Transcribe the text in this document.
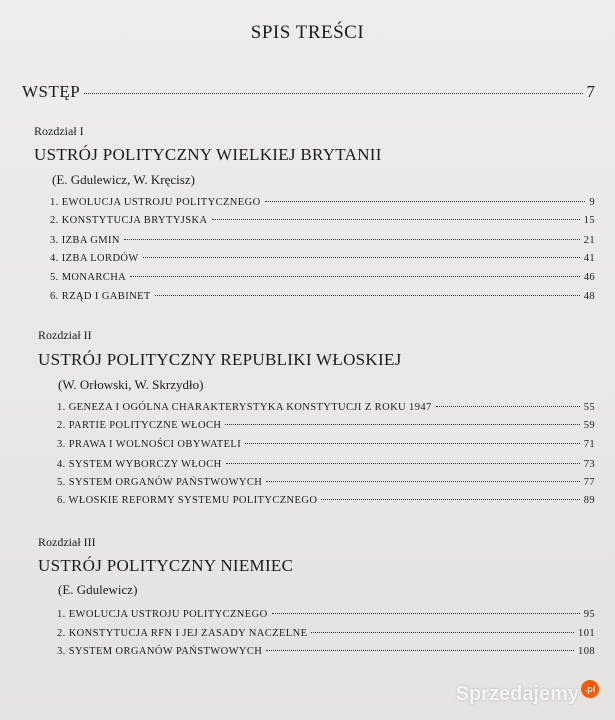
SPIS TREŚCI
WSTĘP	7
Rozdział I
USTRÓJ POLITYCZNY WIELKIEJ BRYTANII
(E. Gdulewicz, W. Kręcisz)
1. EWOLUCJA USTROJU POLITYCZNEGO	9
2. KONSTYTUCJA BRYTYJSKA	15
3. IZBA GMIN	21
4. IZBA LORDÓW	41
5. MONARCHA	46
6. RZĄD I GABINET	48
Rozdział II
USTRÓJ POLITYCZNY REPUBLIKI WŁOSKIEJ
(W. Orłowski, W. Skrzydło)
1. GENEZA I OGÓLNA CHARAKTERYSTYKA KONSTYTUCJI Z ROKU 1947	55
2. PARTIE POLITYCZNE WŁOCH	59
3. PRAWA I WOLNOŚCI OBYWATELI	71
4. SYSTEM WYBORCZY WŁOCH	73
5. SYSTEM ORGANÓW PAŃSTWOWYCH	77
6. WŁOSKIE REFORMY SYSTEMU POLITYCZNEGO	89
Rozdział III
USTRÓJ POLITYCZNY NIEMIEC
(E. Gdulewicz)
1. EWOLUCJA USTROJU POLITYCZNEGO	95
2. KONSTYTUCJA RFN I JEJ ZASADY NACZELNE	101
3. SYSTEM ORGANÓW PAŃSTWOWYCH	108
Sprzedajemy .pl
